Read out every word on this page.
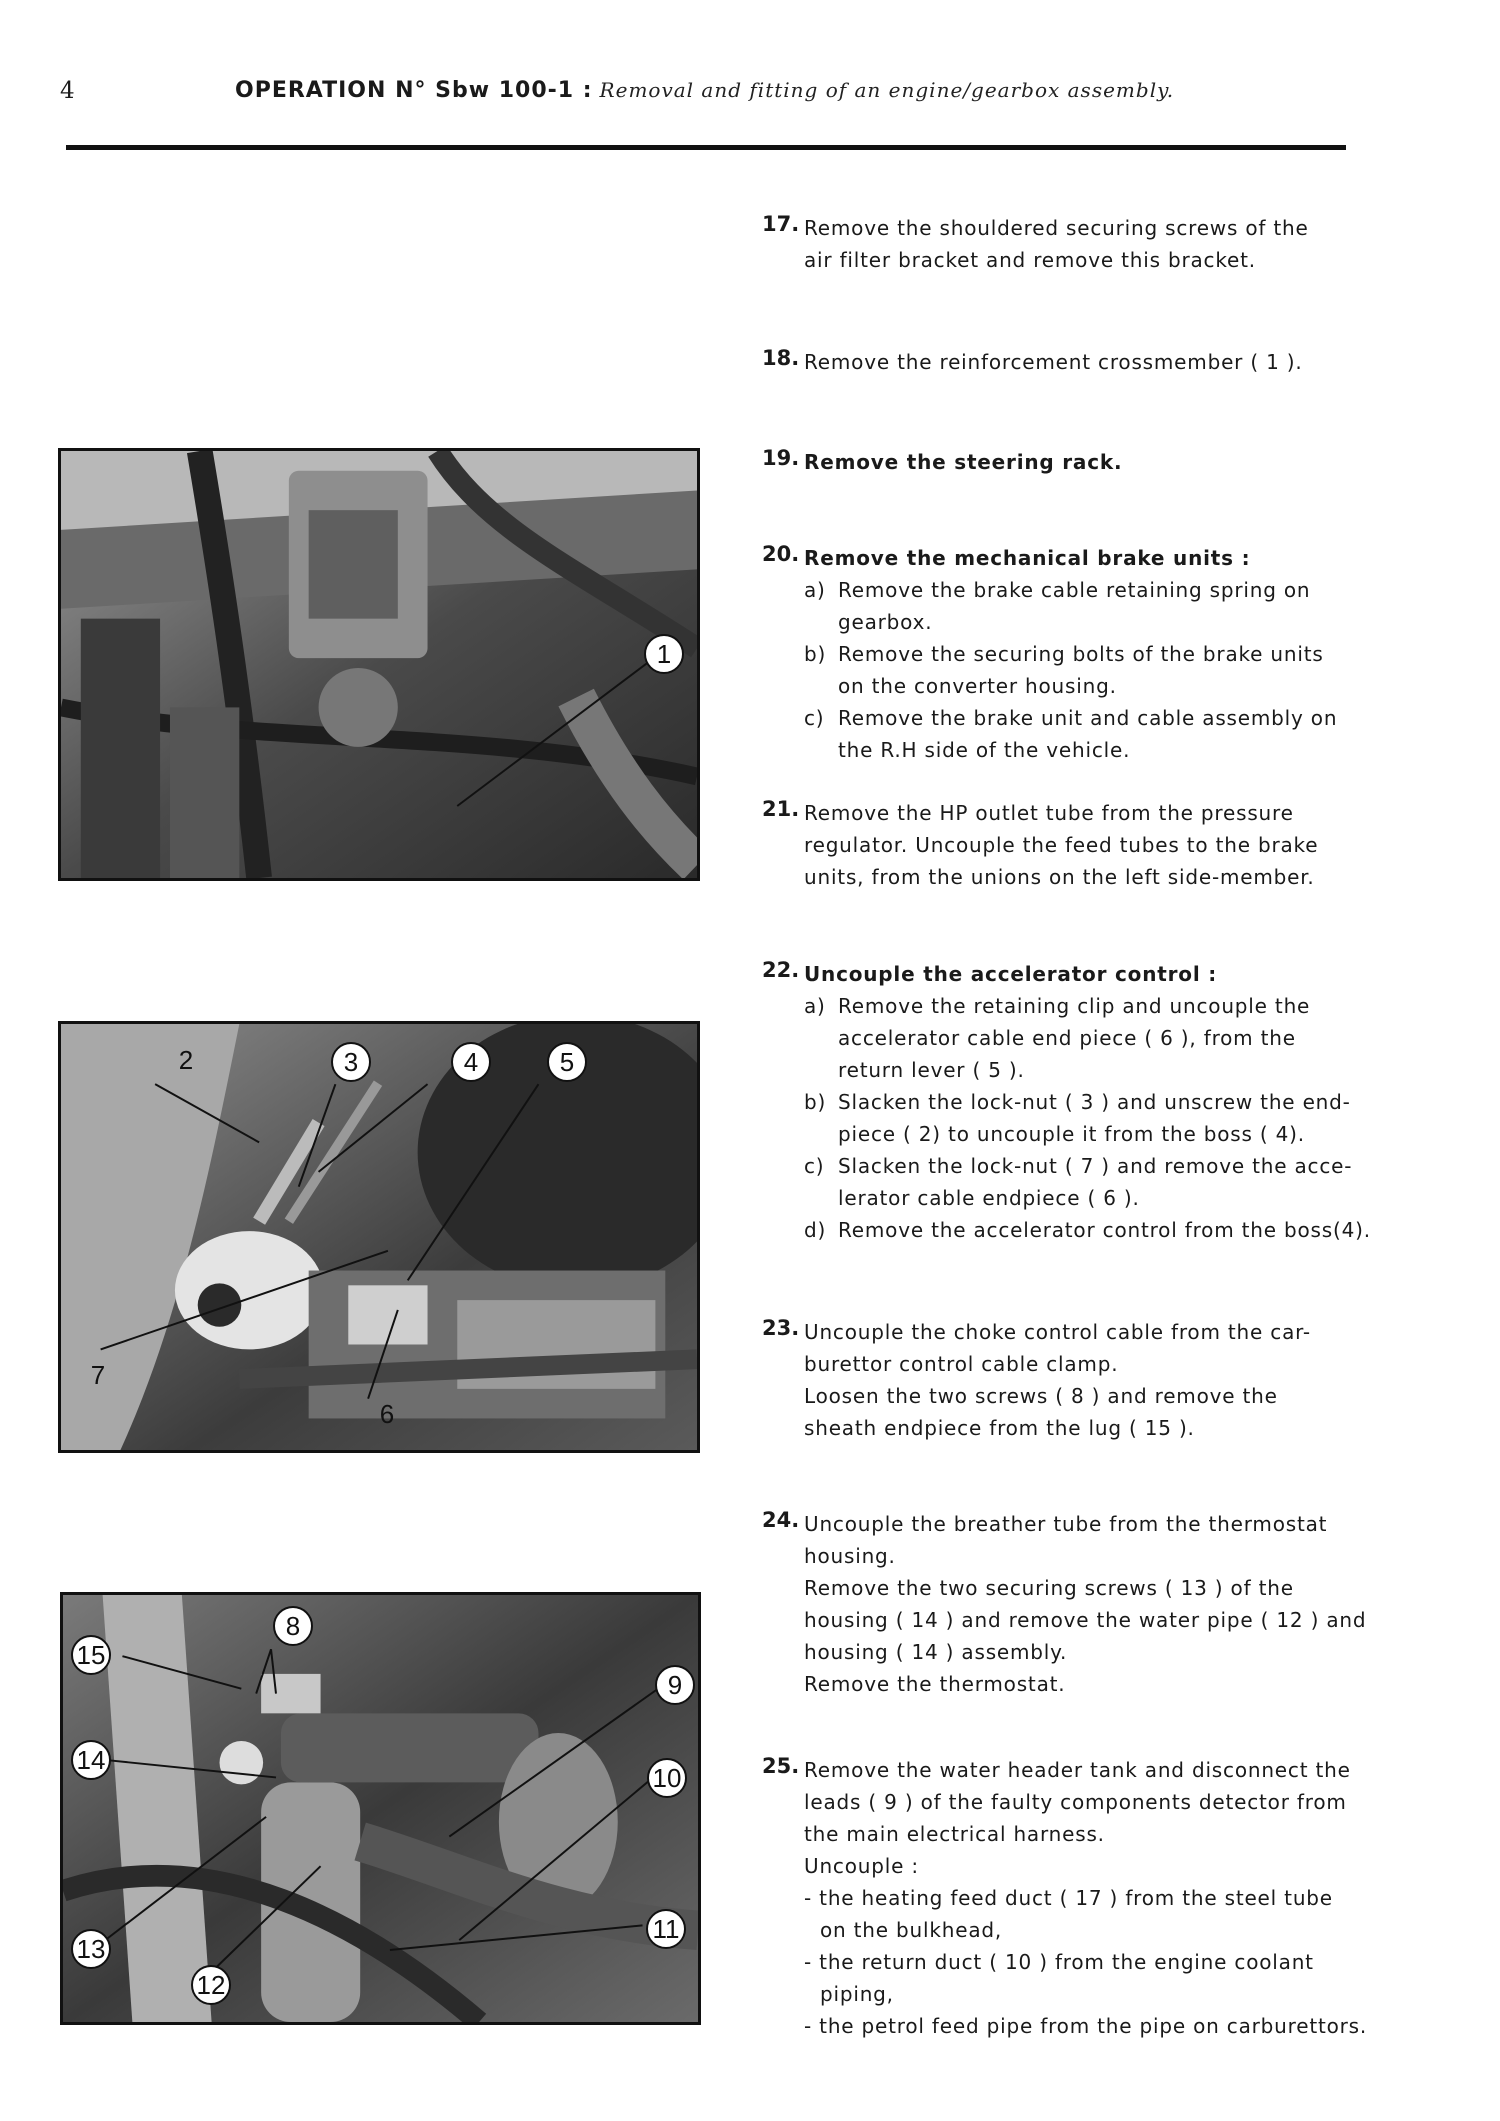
4	OPERATION N° Sbw 100-1 : Removal and fitting of an engine/gearbox assembly.
1
2	3	4	5
7
6
8
15
9
14
10
13
11
12
17. Remove the shouldered securing screws of the
air filter bracket and remove this bracket.
18. Remove the reinforcement crossmember ( 1 ).
19. Remove the steering rack.
20. Remove the mechanical brake units :
a) Remove the brake cable retaining spring on
gearbox.
b) Remove the securing bolts of the brake units
on the converter housing.
c) Remove the brake unit and cable assembly on
the R.H side of the vehicle.
21. Remove the HP outlet tube from the pressure
regulator. Uncouple the feed tubes to the brake
units, from the unions on the left side-member.
22. Uncouple the accelerator control :
a) Remove the retaining clip and uncouple the
accelerator cable end piece ( 6 ), from the
return lever ( 5 ).
b) Slacken the lock-nut ( 3 ) and unscrew the end-
piece ( 2) to uncouple it from the boss ( 4).
c) Slacken the lock-nut ( 7 ) and remove the acce-
lerator cable endpiece ( 6 ).
d) Remove the accelerator control from the boss(4).
23. Uncouple the choke control cable from the car-
burettor control cable clamp.
Loosen the two screws ( 8 ) and remove the
sheath endpiece from the lug ( 15 ).
24. Uncouple the breather tube from the thermostat
housing.
Remove the two securing screws ( 13 ) of the
housing ( 14 ) and remove the water pipe ( 12 ) and
housing ( 14 ) assembly.
Remove the thermostat.
25. Remove the water header tank and disconnect the
leads ( 9 ) of the faulty components detector from
the main electrical harness.
Uncouple :
- the heating feed duct ( 17 ) from the steel tube
on the bulkhead,
- the return duct ( 10 ) from the engine coolant
piping,
- the petrol feed pipe from the pipe on carburettors.
